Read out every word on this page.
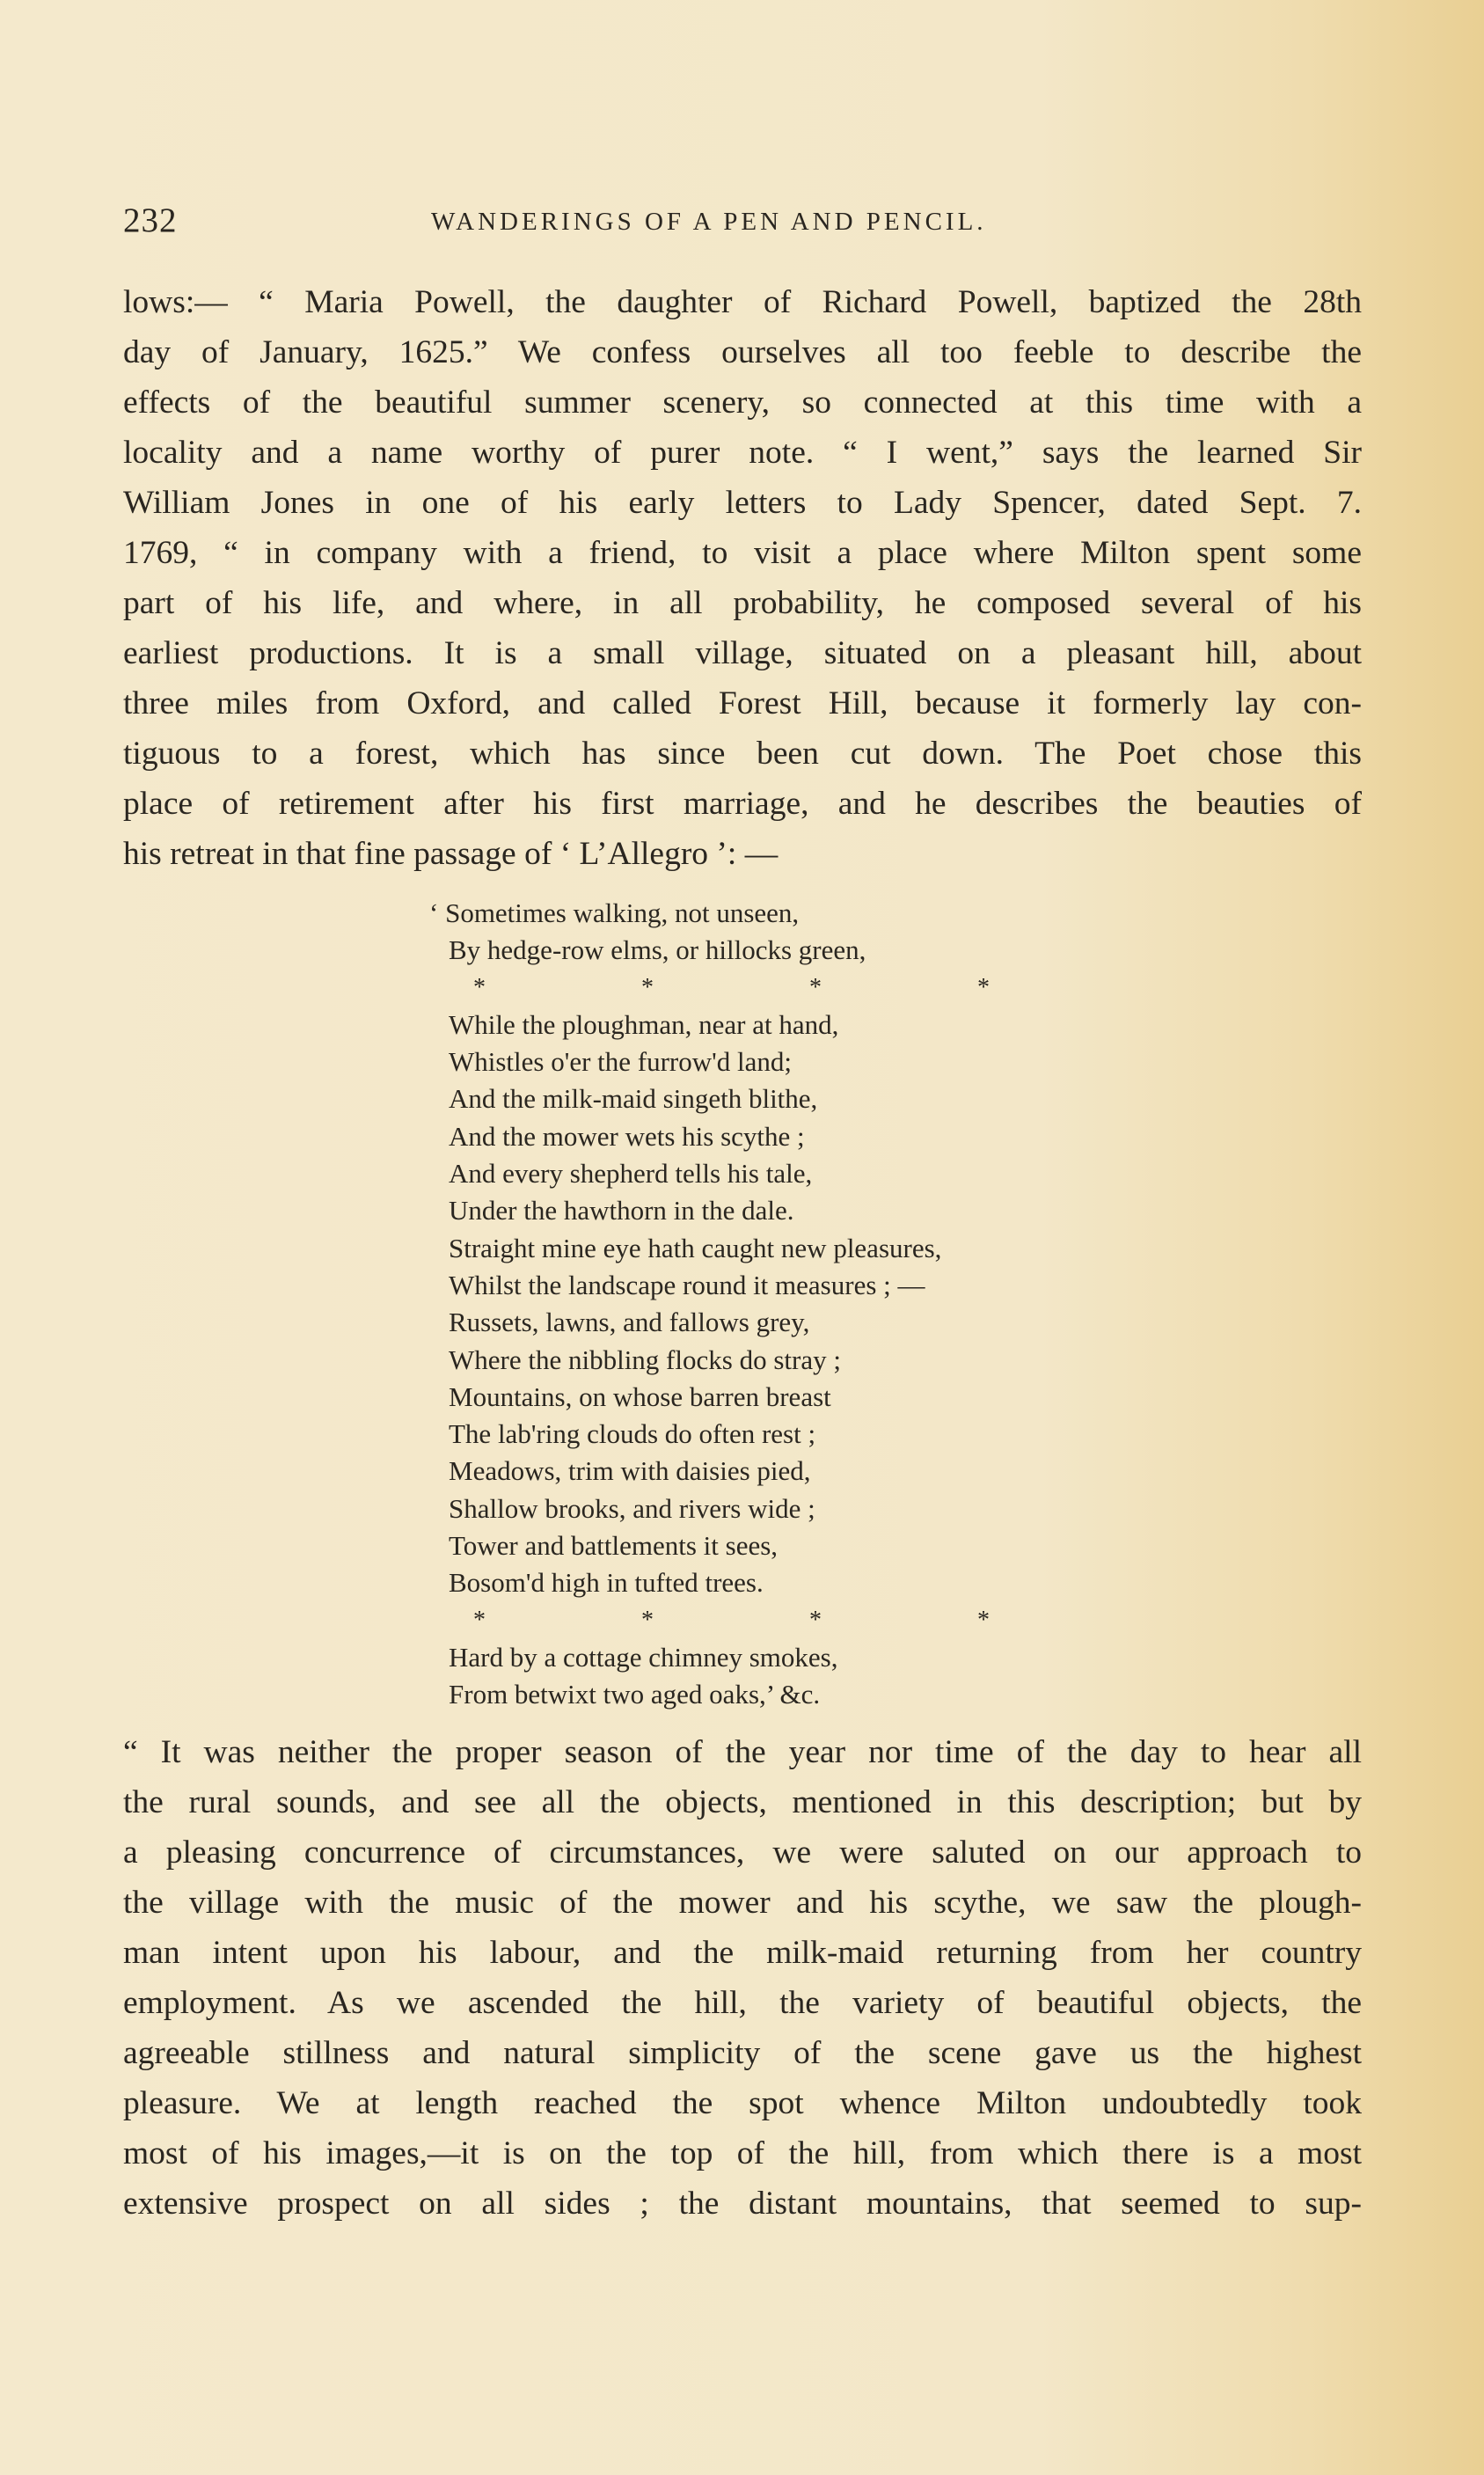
232	WANDERINGS OF A PEN AND PENCIL.
lows:— “ Maria Powell, the daughter of Richard Powell, baptized the 28th
day of January, 1625.” We confess ourselves all too feeble to describe the
effects of the beautiful summer scenery, so connected at this time with a
locality and a name worthy of purer note. “ I went,” says the learned Sir
William Jones in one of his early letters to Lady Spencer, dated Sept. 7.
1769, “ in company with a friend, to visit a place where Milton spent some
part of his life, and where, in all probability, he composed several of his
earliest productions. It is a small village, situated on a pleasant hill, about
three miles from Oxford, and called Forest Hill, because it formerly lay con-
tiguous to a forest, which has since been cut down. The Poet chose this
place of retirement after his first marriage, and he describes the beauties of
his retreat in that fine passage of ‘ L’Allegro ’: —
‘ Sometimes walking, not unseen,
By hedge-row elms, or hillocks green,
*	*	*	*
While the ploughman, near at hand,
Whistles o'er the furrow'd land;
And the milk-maid singeth blithe,
And the mower wets his scythe ;
And every shepherd tells his tale,
Under the hawthorn in the dale.
Straight mine eye hath caught new pleasures,
Whilst the landscape round it measures ; —
Russets, lawns, and fallows grey,
Where the nibbling flocks do stray ;
Mountains, on whose barren breast
The lab'ring clouds do often rest ;
Meadows, trim with daisies pied,
Shallow brooks, and rivers wide ;
Tower and battlements it sees,
Bosom'd high in tufted trees.
*	*	*	*
Hard by a cottage chimney smokes,
From betwixt two aged oaks,’ &c.
“ It was neither the proper season of the year nor time of the day to hear all
the rural sounds, and see all the objects, mentioned in this description; but by
a pleasing concurrence of circumstances, we were saluted on our approach to
the village with the music of the mower and his scythe, we saw the plough-
man intent upon his labour, and the milk-maid returning from her country
employment. As we ascended the hill, the variety of beautiful objects, the
agreeable stillness and natural simplicity of the scene gave us the highest
pleasure. We at length reached the spot whence Milton undoubtedly took
most of his images,—it is on the top of the hill, from which there is a most
extensive prospect on all sides ; the distant mountains, that seemed to sup-
